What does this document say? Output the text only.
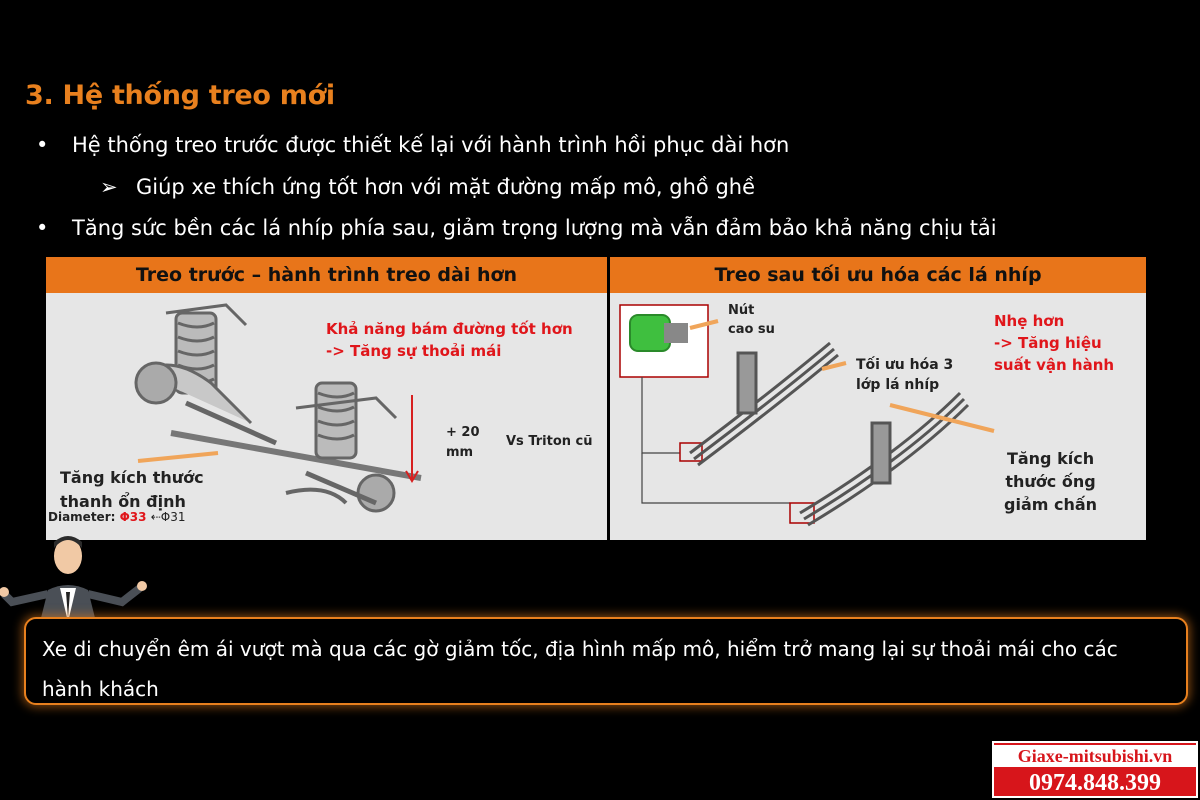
3. Hệ thống treo mới
• Hệ thống treo trước được thiết kế lại với hành trình hồi phục dài hơn
➢ Giúp xe thích ứng tốt hơn với mặt đường mấp mô, ghồ ghề
• Tăng sức bền các lá nhíp phía sau, giảm trọng lượng mà vẫn đảm bảo khả năng chịu tải
Treo trước – hành trình treo dài hơn
Khả năng bám đường tốt hơn
-> Tăng sự thoải mái
+ 20
mm
Vs Triton cũ
Tăng kích thước
thanh ổn định
Diameter: Φ33 ⇠Φ31
Treo sau tối ưu hóa các lá nhíp
Nút
cao su
Tối ưu hóa 3
lớp lá nhíp
Nhẹ hơn
-> Tăng hiệu
suất vận hành
Tăng kích
thước ống
giảm chấn
Xe di chuyển êm ái vượt mà qua các gờ giảm tốc, địa hình mấp mô, hiểm trở mang lại sự thoải mái cho các hành khách
Giaxe-mitsubishi.vn
0974.848.399
